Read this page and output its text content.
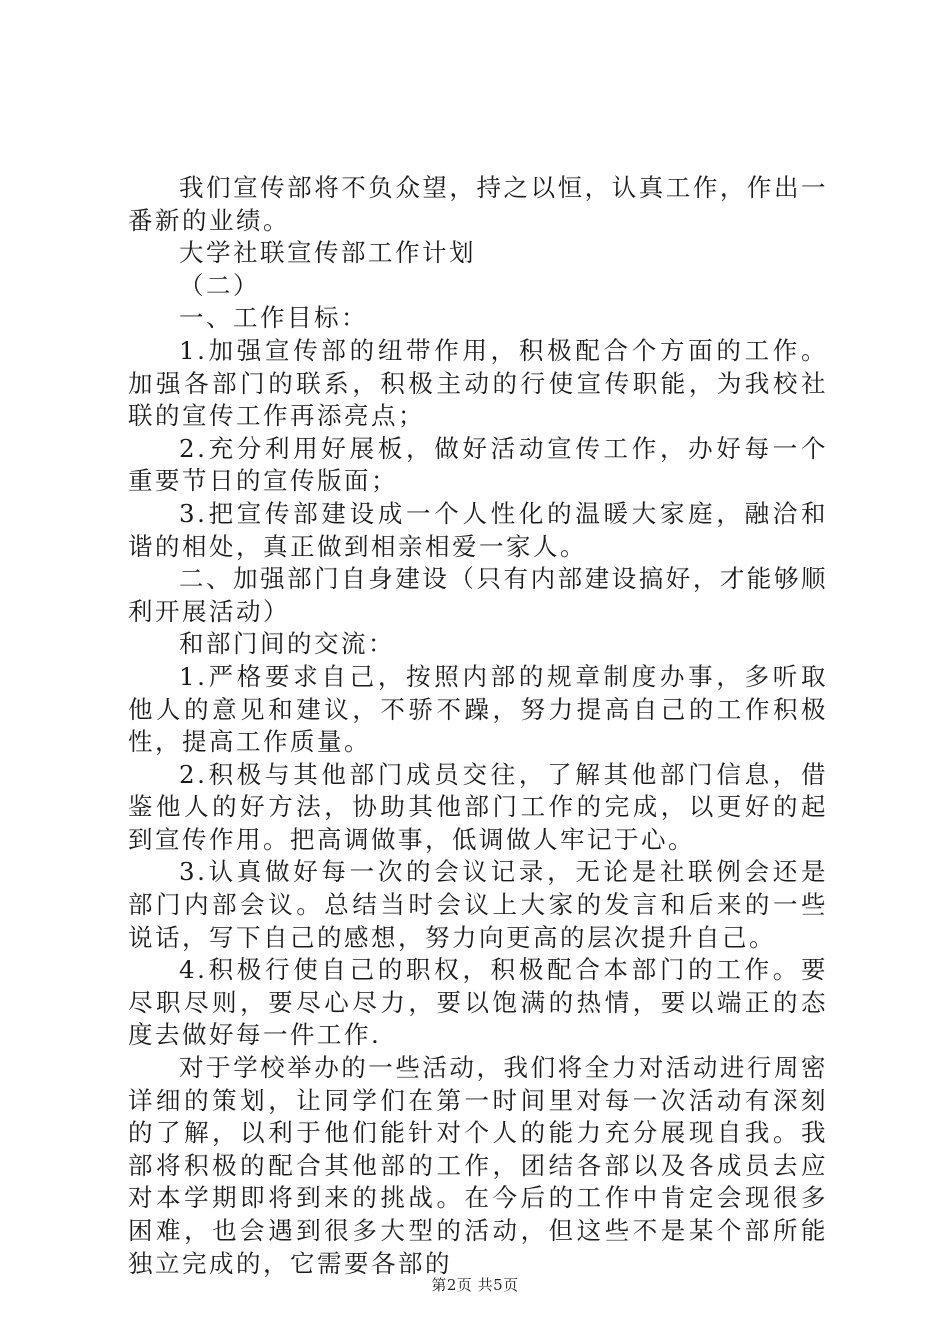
我们宣传部将不负众望，持之以恒，认真工作，作出一番新的业绩。

大学社联宣传部工作计划

（二）

一、工作目标：

1.加强宣传部的纽带作用，积极配合个方面的工作。加强各部门的联系，积极主动的行使宣传职能，为我校社联的宣传工作再添亮点；

2.充分利用好展板，做好活动宣传工作，办好每一个重要节日的宣传版面；

3.把宣传部建设成一个人性化的温暖大家庭，融洽和谐的相处，真正做到相亲相爱一家人。

二、加强部门自身建设（只有内部建设搞好，才能够顺利开展活动）

和部门间的交流：

1.严格要求自己，按照内部的规章制度办事，多听取他人的意见和建议，不骄不躁，努力提高自己的工作积极性，提高工作质量。

2.积极与其他部门成员交往，了解其他部门信息，借鉴他人的好方法，协助其他部门工作的完成，以更好的起到宣传作用。把高调做事，低调做人牢记于心。

3.认真做好每一次的会议记录，无论是社联例会还是部门内部会议。总结当时会议上大家的发言和后来的一些说话，写下自己的感想，努力向更高的层次提升自己。

4.积极行使自己的职权，积极配合本部门的工作。要尽职尽则，要尽心尽力，要以饱满的热情，要以端正的态度去做好每一件工作.

对于学校举办的一些活动，我们将全力对活动进行周密详细的策划，让同学们在第一时间里对每一次活动有深刻的了解，以利于他们能针对个人的能力充分展现自我。我部将积极的配合其他部的工作，团结各部以及各成员去应对本学期即将到来的挑战。在今后的工作中肯定会现很多困难，也会遇到很多大型的活动，但这些不是某个部所能独立完成的，它需要各部的

第2页 共5页
